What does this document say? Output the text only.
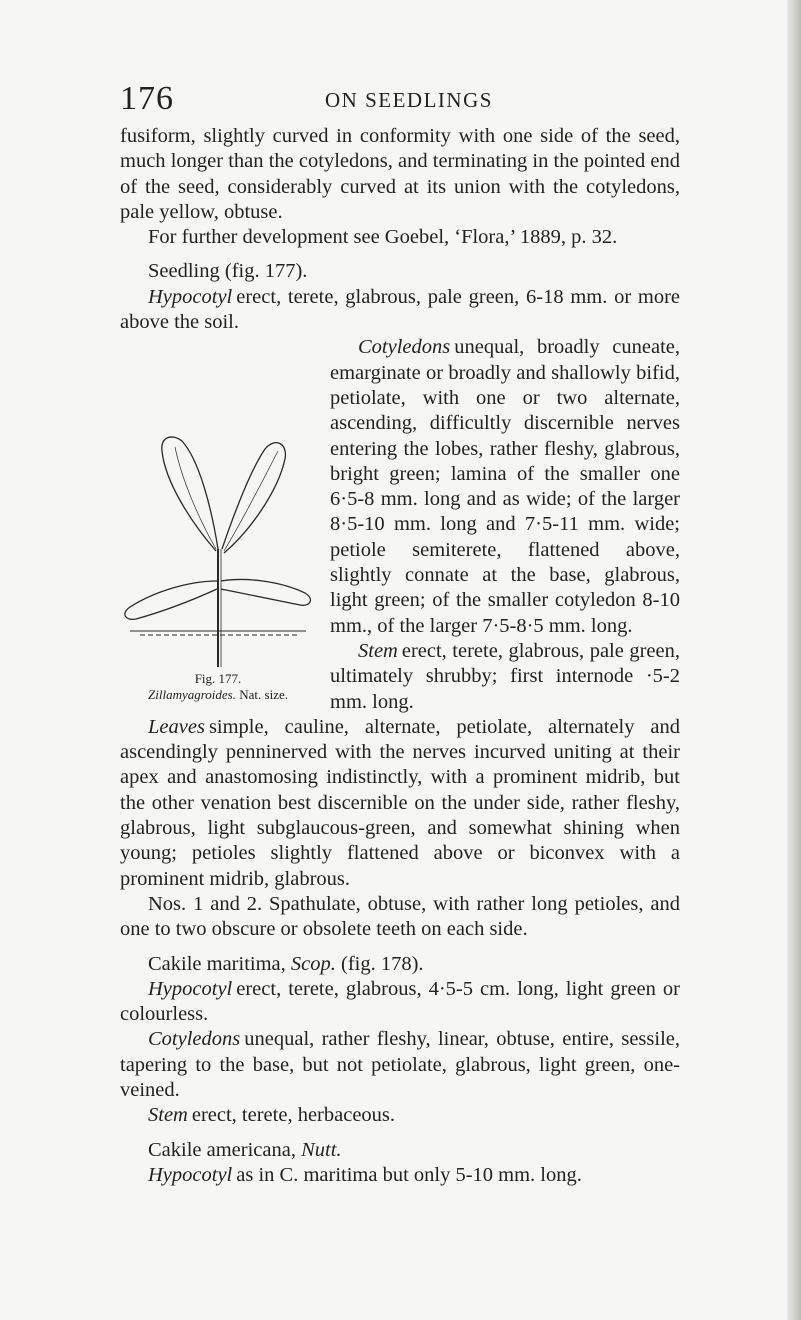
176	ON SEEDLINGS

fusiform, slightly curved in conformity with one side of the seed, much longer than the cotyledons, and terminating in the pointed end of the seed, considerably curved at its union with the cotyledons, pale yellow, obtuse.

For further development see Goebel, ‘Flora,’ 1889, p. 32.

Seedling (fig. 177).

Hypocotyl erect, terete, glabrous, pale green, 6-18 mm. or more above the soil.

Fig. 177.
Zillamyagroides. Nat. size.

Cotyledons unequal, broadly cuneate, emarginate or broadly and shallowly bifid, petiolate, with one or two alternate, ascending, difficultly discernible nerves entering the lobes, rather fleshy, glabrous, bright green; lamina of the smaller one 6·5-8 mm. long and as wide; of the larger 8·5-10 mm. long and 7·5-11 mm. wide; petiole semiterete, flattened above, slightly connate at the base, glabrous, light green; of the smaller cotyledon 8-10 mm., of the larger 7·5-8·5 mm. long.

Stem erect, terete, glabrous, pale green, ultimately shrubby; first internode ·5-2 mm. long.

Leaves simple, cauline, alternate, petiolate, alternately and ascendingly penninerved with the nerves incurved uniting at their apex and anastomosing indistinctly, with a prominent midrib, but the other venation best discernible on the under side, rather fleshy, glabrous, light subglaucous-green, and somewhat shining when young; petioles slightly flattened above or biconvex with a prominent midrib, glabrous.

Nos. 1 and 2. Spathulate, obtuse, with rather long petioles, and one to two obscure or obsolete teeth on each side.

Cakile maritima, Scop. (fig. 178).

Hypocotyl erect, terete, glabrous, 4·5-5 cm. long, light green or colourless.

Cotyledons unequal, rather fleshy, linear, obtuse, entire, sessile, tapering to the base, but not petiolate, glabrous, light green, one-veined.

Stem erect, terete, herbaceous.

Cakile americana, Nutt.

Hypocotyl as in C. maritima but only 5-10 mm. long.
